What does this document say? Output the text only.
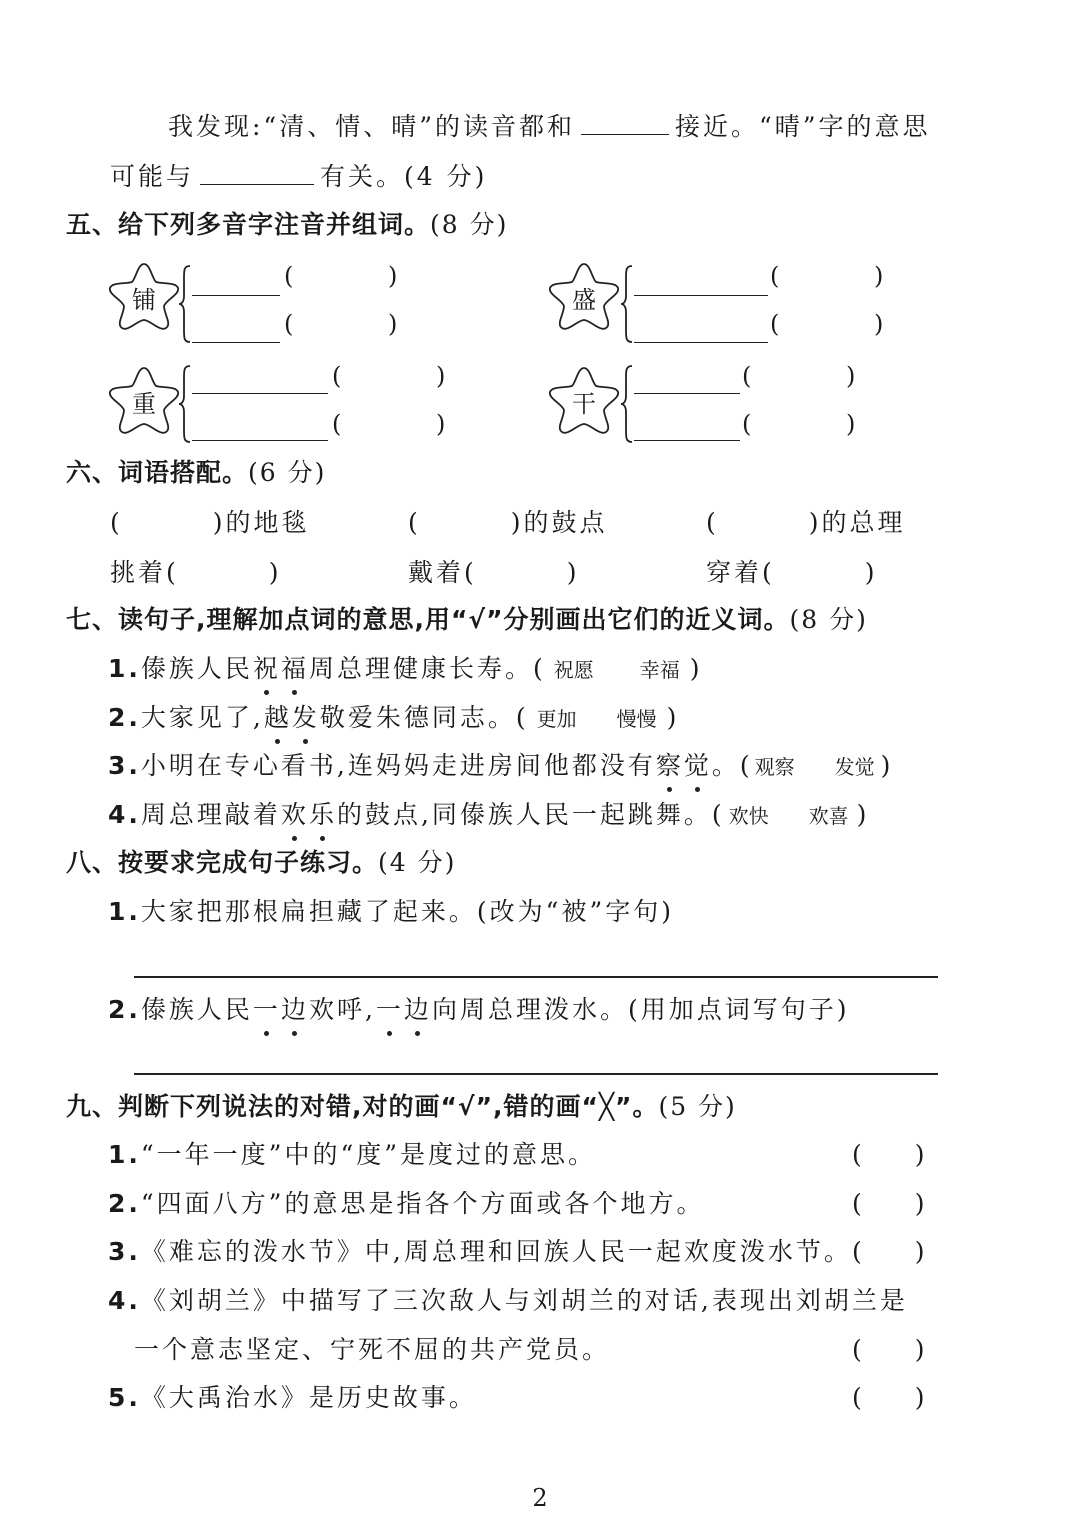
我发现:“清、情、晴”的读音都和	接近。“晴”字的意思
可能与	有关。(4 分)
五、给下列多音字注音并组词。(8 分)
铺
(	)
(	)
盛
(	)
(	)
重
(	)
(	)
干
(	)
(	)
六、词语搭配。(6 分)
(	)的地毯	(	)的鼓点	(	)的总理
挑着(	)	戴着(	)	穿着(	)
七、读句子,理解加点词的意思,用“√”分别画出它们的近义词。(8 分)
1.傣族人民祝福周总理健康长寿。( 祝愿 幸福 )
2.大家见了,越发敬爱朱德同志。( 更加 慢慢 )
3.小明在专心看书,连妈妈走进房间他都没有察觉。( 观察 发觉 )
4.周总理敲着欢乐的鼓点,同傣族人民一起跳舞。( 欢快 欢喜 )
八、按要求完成句子练习。(4 分)
1.大家把那根扁担藏了起来。(改为“被”字句)
2.傣族人民一边欢呼,一边向周总理泼水。(用加点词写句子)
九、判断下列说法的对错,对的画“√”,错的画“╳”。(5 分)
1.“一年一度”中的“度”是度过的意思。	( )
2.“四面八方”的意思是指各个方面或各个地方。	( )
3.《难忘的泼水节》中,周总理和回族人民一起欢度泼水节。 ( )
4.《刘胡兰》中描写了三次敌人与刘胡兰的对话,表现出刘胡兰是
一个意志坚定、宁死不屈的共产党员。	( )
5.《大禹治水》是历史故事。	( )
2
